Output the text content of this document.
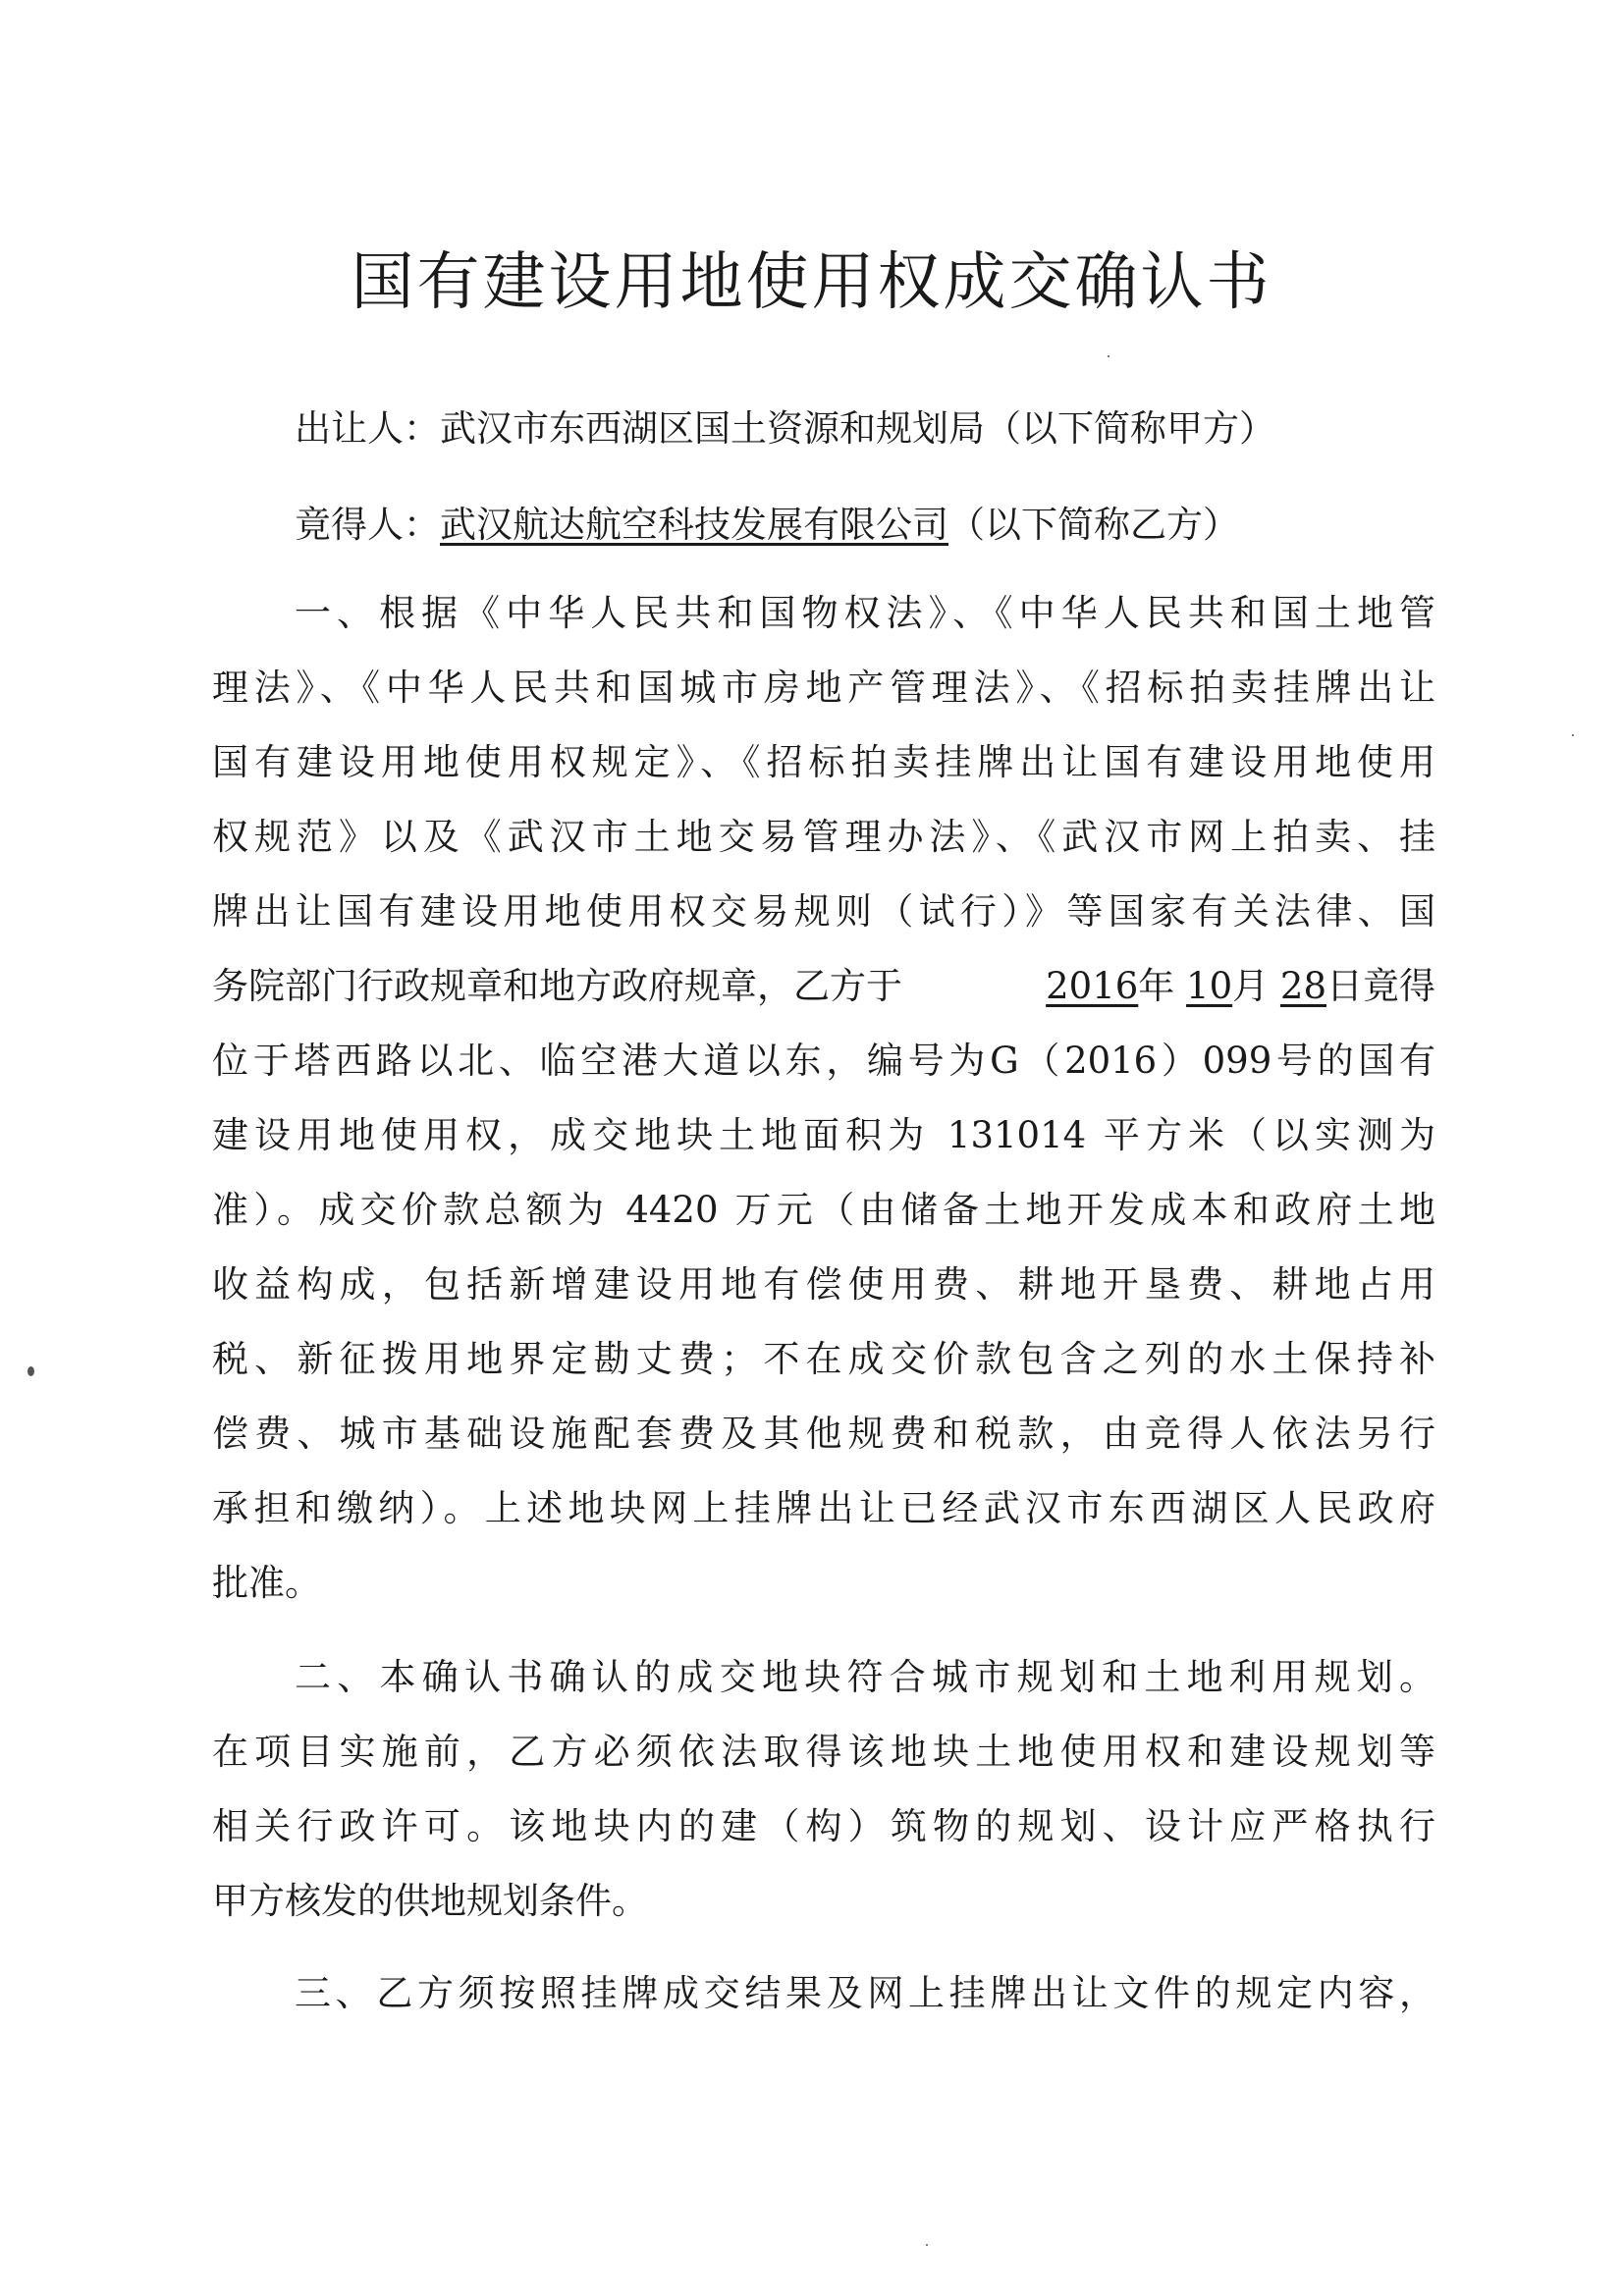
国有建设用地使用权成交确认书
出让人：武汉市东西湖区国土资源和规划局（以下简称甲方）
竟得人：武汉航达航空科技发展有限公司（以下简称乙方）
一、根据《中华人民共和国物权法》、《中华人民共和国土地管
理法》、《中华人民共和国城市房地产管理法》、《招标拍卖挂牌出让
国有建设用地使用权规定》、《招标拍卖挂牌出让国有建设用地使用
权规范》以及《武汉市土地交易管理办法》、《武汉市网上拍卖、挂
牌出让国有建设用地使用权交易规则（试行）》等国家有关法律、国
务院部门行政规章和地方政府规章，乙方于	2016年 10月 28日竟得
位于塔西路以北、临空港大道以东，编号为G（2016）099号的国有
建设用地使用权，成交地块土地面积为 131014 平方米（以实测为
准）。成交价款总额为 4420 万元（由储备土地开发成本和政府土地
收益构成，包括新增建设用地有偿使用费、耕地开垦费、耕地占用
税、新征拨用地界定勘丈费；不在成交价款包含之列的水土保持补
偿费、城市基础设施配套费及其他规费和税款，由竞得人依法另行
承担和缴纳）。上述地块网上挂牌出让已经武汉市东西湖区人民政府
批准。
二、本确认书确认的成交地块符合城市规划和土地利用规划。
在项目实施前，乙方必须依法取得该地块土地使用权和建设规划等
相关行政许可。该地块内的建（构）筑物的规划、设计应严格执行
甲方核发的供地规划条件。
三、乙方须按照挂牌成交结果及网上挂牌出让文件的规定内容，
